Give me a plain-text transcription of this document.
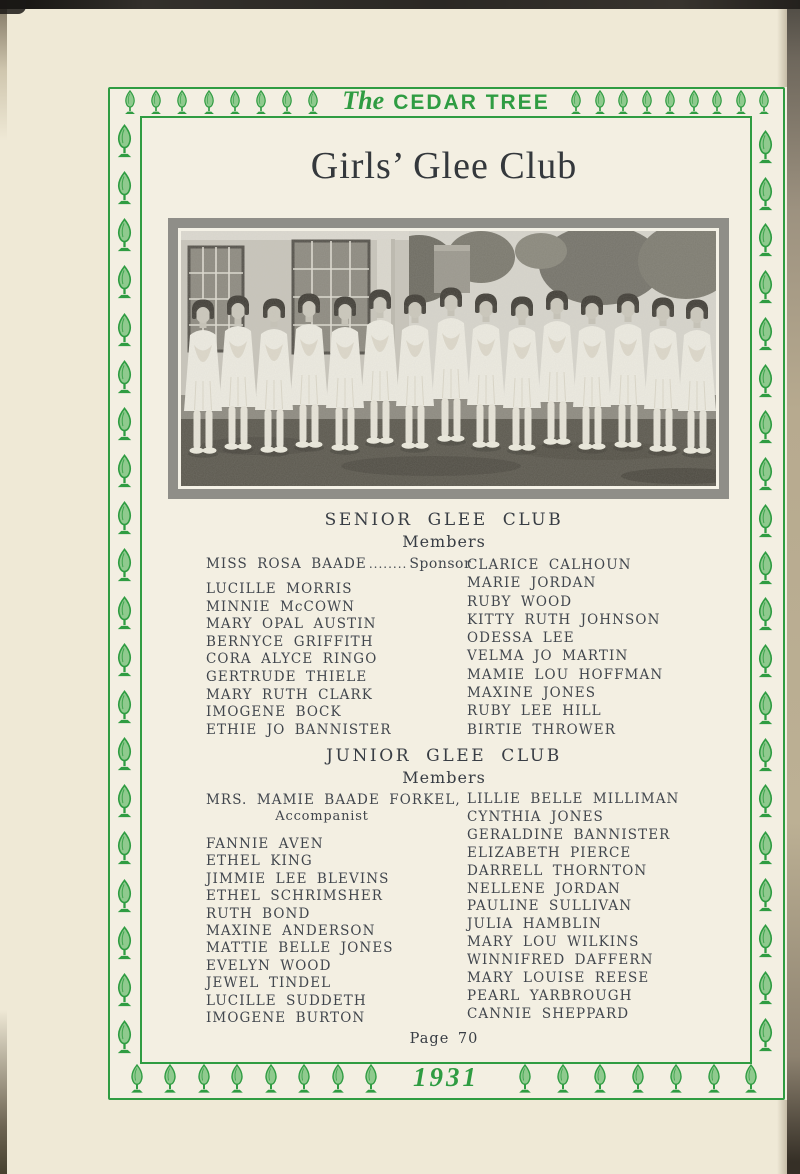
The CEDAR TREE
1931
Girls’ Glee Club
SENIOR GLEE CLUB
Members
MISS ROSA BAADE ........ Sponsor
LUCILLE MORRIS
MINNIE McCOWN
MARY OPAL AUSTIN
BERNYCE GRIFFITH
CORA ALYCE RINGO
GERTRUDE THIELE
MARY RUTH CLARK
IMOGENE BOCK
ETHIE JO BANNISTER
CLARICE CALHOUN
MARIE JORDAN
RUBY WOOD
KITTY RUTH JOHNSON
ODESSA LEE
VELMA JO MARTIN
MAMIE LOU HOFFMAN
MAXINE JONES
RUBY LEE HILL
BIRTIE THROWER
JUNIOR GLEE CLUB
Members
MRS. MAMIE BAADE FORKEL,
Accompanist
FANNIE AVEN
ETHEL KING
JIMMIE LEE BLEVINS
ETHEL SCHRIMSHER
RUTH BOND
MAXINE ANDERSON
MATTIE BELLE JONES
EVELYN WOOD
JEWEL TINDEL
LUCILLE SUDDETH
IMOGENE BURTON
LILLIE BELLE MILLIMAN
CYNTHIA JONES
GERALDINE BANNISTER
ELIZABETH PIERCE
DARRELL THORNTON
NELLENE JORDAN
PAULINE SULLIVAN
JULIA HAMBLIN
MARY LOU WILKINS
WINNIFRED DAFFERN
MARY LOUISE REESE
PEARL YARBROUGH
CANNIE SHEPPARD
Page 70
